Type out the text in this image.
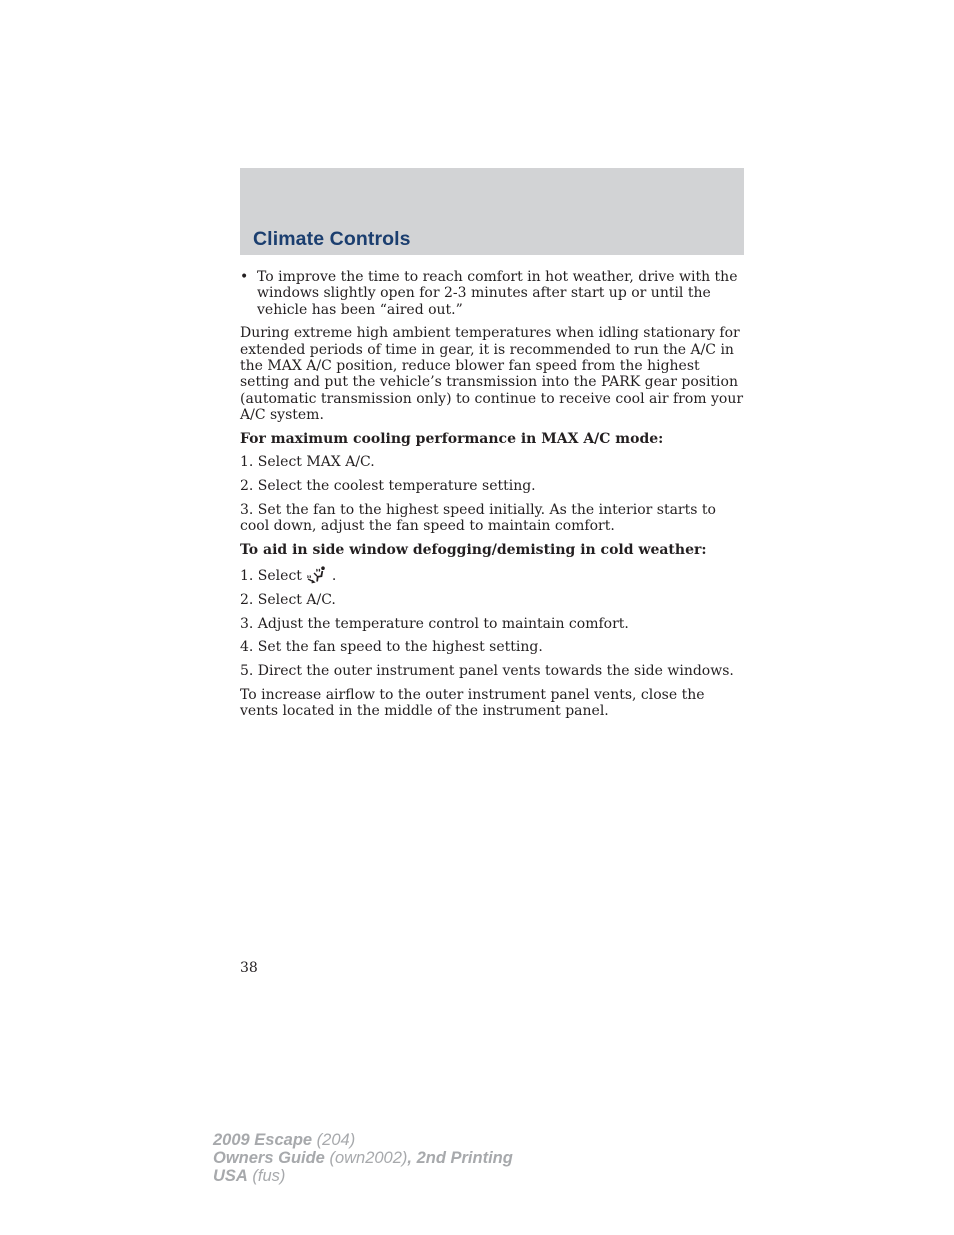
Climate Controls
• To improve the time to reach comfort in hot weather, drive with the windows slightly open for 2-3 minutes after start up or until the vehicle has been “aired out.”

During extreme high ambient temperatures when idling stationary for extended periods of time in gear, it is recommended to run the A/C in the MAX A/C position, reduce blower fan speed from the highest setting and put the vehicle’s transmission into the PARK gear position (automatic transmission only) to continue to receive cool air from your A/C system.

For maximum cooling performance in MAX A/C mode:

1. Select MAX A/C.

2. Select the coolest temperature setting.

3. Set the fan to the highest speed initially. As the interior starts to cool down, adjust the fan speed to maintain comfort.

To aid in side window defogging/demisting in cold weather:

1. Select .

2. Select A/C.

3. Adjust the temperature control to maintain comfort.

4. Set the fan speed to the highest setting.

5. Direct the outer instrument panel vents towards the side windows.

To increase airflow to the outer instrument panel vents, close the vents located in the middle of the instrument panel.

38
2009 Escape (204)
Owners Guide (own2002), 2nd Printing
USA (fus)
